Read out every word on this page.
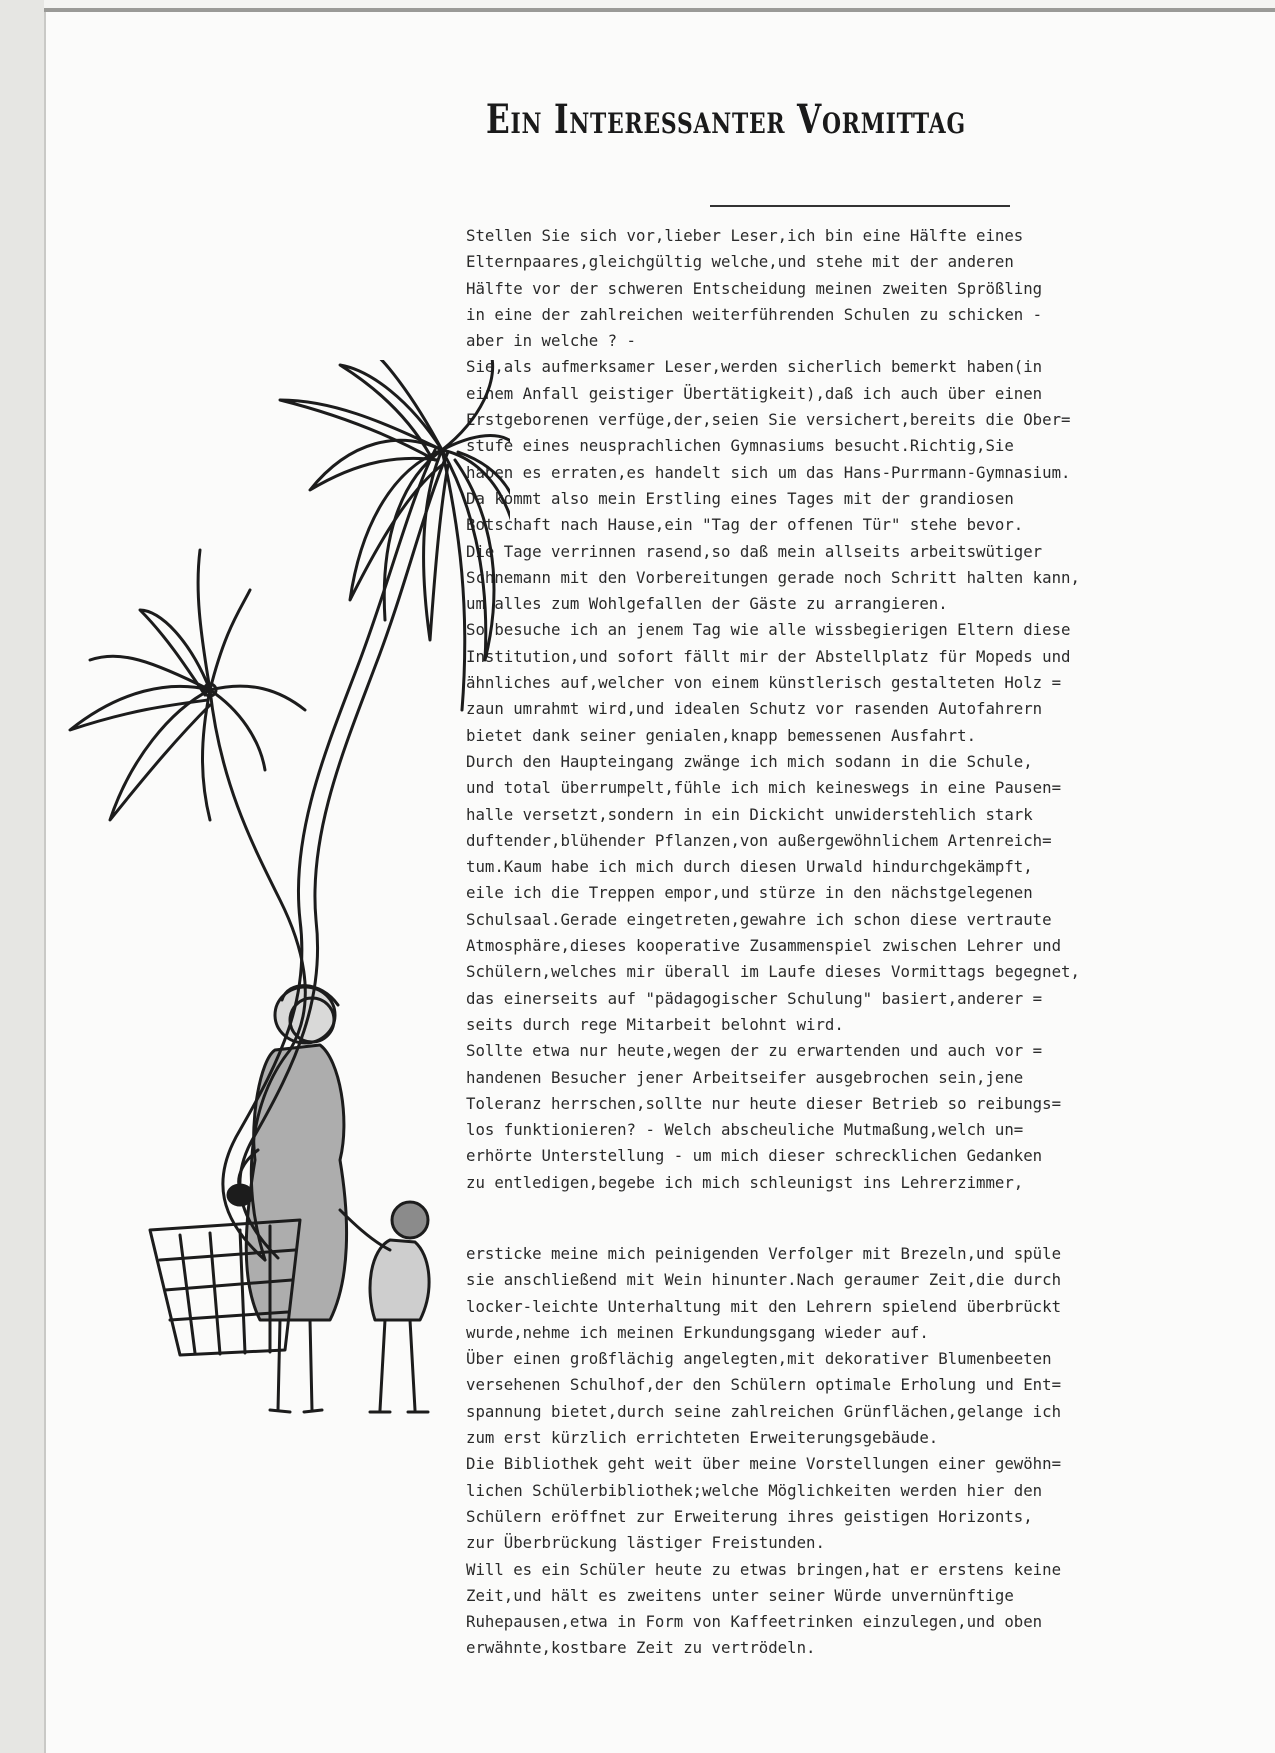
Ein Interessanter Vormittag
Stellen Sie sich vor,lieber Leser,ich bin eine Hälfte eines
Elternpaares,gleichgültig welche,und stehe mit der anderen
Hälfte vor der schweren Entscheidung meinen zweiten Sprößling
in eine der zahlreichen weiterführenden Schulen zu schicken -
aber in welche ? -
Sie,als aufmerksamer Leser,werden sicherlich bemerkt haben(in
einem Anfall geistiger Übertätigkeit),daß ich auch über einen
Erstgeborenen verfüge,der,seien Sie versichert,bereits die Ober=
stufe eines neusprachlichen Gymnasiums besucht.Richtig,Sie
haben es erraten,es handelt sich um das Hans-Purrmann-Gymnasium.
Da kommt also mein Erstling eines Tages mit der grandiosen
Botschaft nach Hause,ein "Tag der offenen Tür" stehe bevor.
Die Tage verrinnen rasend,so daß mein allseits arbeitswütiger
Schnemann mit den Vorbereitungen gerade noch Schritt halten kann,
um alles zum Wohlgefallen der Gäste zu arrangieren.
So besuche ich an jenem Tag wie alle wissbegierigen Eltern diese
Institution,und sofort fällt mir der Abstellplatz für Mopeds und
ähnliches auf,welcher von einem künstlerisch gestalteten Holz =
zaun umrahmt wird,und idealen Schutz vor rasenden Autofahrern
bietet dank seiner genialen,knapp bemessenen Ausfahrt.
Durch den Haupteingang zwänge ich mich sodann in die Schule,
und total überrumpelt,fühle ich mich keineswegs in eine Pausen=
halle versetzt,sondern in ein Dickicht unwiderstehlich stark
duftender,blühender Pflanzen,von außergewöhnlichem Artenreich=
tum.Kaum habe ich mich durch diesen Urwald hindurchgekämpft,
eile ich die Treppen empor,und stürze in den nächstgelegenen
Schulsaal.Gerade eingetreten,gewahre ich schon diese vertraute
Atmosphäre,dieses kooperative Zusammenspiel zwischen Lehrer und
Schülern,welches mir überall im Laufe dieses Vormittags begegnet,
das einerseits auf "pädagogischer Schulung" basiert,anderer =
seits durch rege Mitarbeit belohnt wird.
Sollte etwa nur heute,wegen der zu erwartenden und auch vor =
handenen Besucher jener Arbeitseifer ausgebrochen sein,jene
Toleranz herrschen,sollte nur heute dieser Betrieb so reibungs=
los funktionieren? - Welch abscheuliche Mutmaßung,welch un=
erhörte Unterstellung - um mich dieser schrecklichen Gedanken
zu entledigen,begebe ich mich schleunigst ins Lehrerzimmer,
ersticke meine mich peinigenden Verfolger mit Brezeln,und spüle
sie anschließend mit Wein hinunter.Nach geraumer Zeit,die durch
locker-leichte Unterhaltung mit den Lehrern spielend überbrückt
wurde,nehme ich meinen Erkundungsgang wieder auf.
Über einen großflächig angelegten,mit dekorativer Blumenbeeten
versehenen Schulhof,der den Schülern optimale Erholung und Ent=
spannung bietet,durch seine zahlreichen Grünflächen,gelange ich
zum erst kürzlich errichteten Erweiterungsgebäude.
Die Bibliothek geht weit über meine Vorstellungen einer gewöhn=
lichen Schülerbibliothek;welche Möglichkeiten werden hier den
Schülern eröffnet zur Erweiterung ihres geistigen Horizonts,
zur Überbrückung lästiger Freistunden.
Will es ein Schüler heute zu etwas bringen,hat er erstens keine
Zeit,und hält es zweitens unter seiner Würde unvernünftige
Ruhepausen,etwa in Form von Kaffeetrinken einzulegen,und oben
erwähnte,kostbare Zeit zu vertrödeln.
